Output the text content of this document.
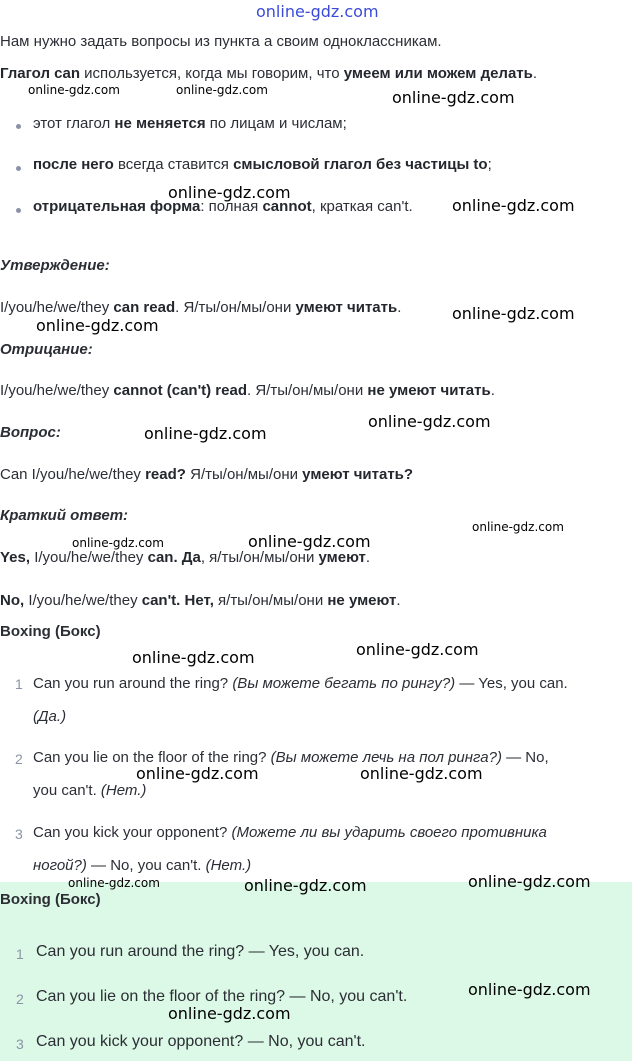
online-gdz.com
Нам нужно задать вопросы из пункта а своим одноклассникам.
Глагол can используется, когда мы говорим, что умеем или можем делать.
этот глагол не меняется по лицам и числам;
после него всегда ставится смысловой глагол без частицы to;
отрицательная форма: полная cannot, краткая can't.
Утверждение:
I/you/he/we/they can read. Я/ты/он/мы/они умеют читать.
Отрицание:
I/you/he/we/they cannot (can't) read. Я/ты/он/мы/они не умеют читать.
Вопрос:
Can I/you/he/we/they read? Я/ты/он/мы/они умеют читать?
Краткий ответ:
Yes, I/you/he/we/they can. Да, я/ты/он/мы/они умеют.
No, I/you/he/we/they can't. Нет, я/ты/он/мы/они не умеют.
Boxing (Бокс)
1 Can you run around the ring? (Вы можете бегать по рингу?) — Yes, you can.
(Да.)
2 Can you lie on the floor of the ring? (Вы можете лечь на пол ринга?) — No,
you can't. (Нет.)
3 Can you kick your opponent? (Можете ли вы ударить своего противника
ногой?) — No, you can't. (Нет.)
Boxing (Бокс)
1 Can you run around the ring? — Yes, you can.
2 Can you lie on the floor of the ring? — No, you can't.
3 Can you kick your opponent? — No, you can't.
online-gdz.com	online-gdz.com	online-gdz.com
online-gdz.com
online-gdz.com
online-gdz.com
online-gdz.com
online-gdz.com
online-gdz.com
online-gdz.com
online-gdz.com	online-gdz.com
online-gdz.com
online-gdz.com
online-gdz.com	online-gdz.com
online-gdz.com	online-gdz.com	online-gdz.com
online-gdz.com
online-gdz.com
